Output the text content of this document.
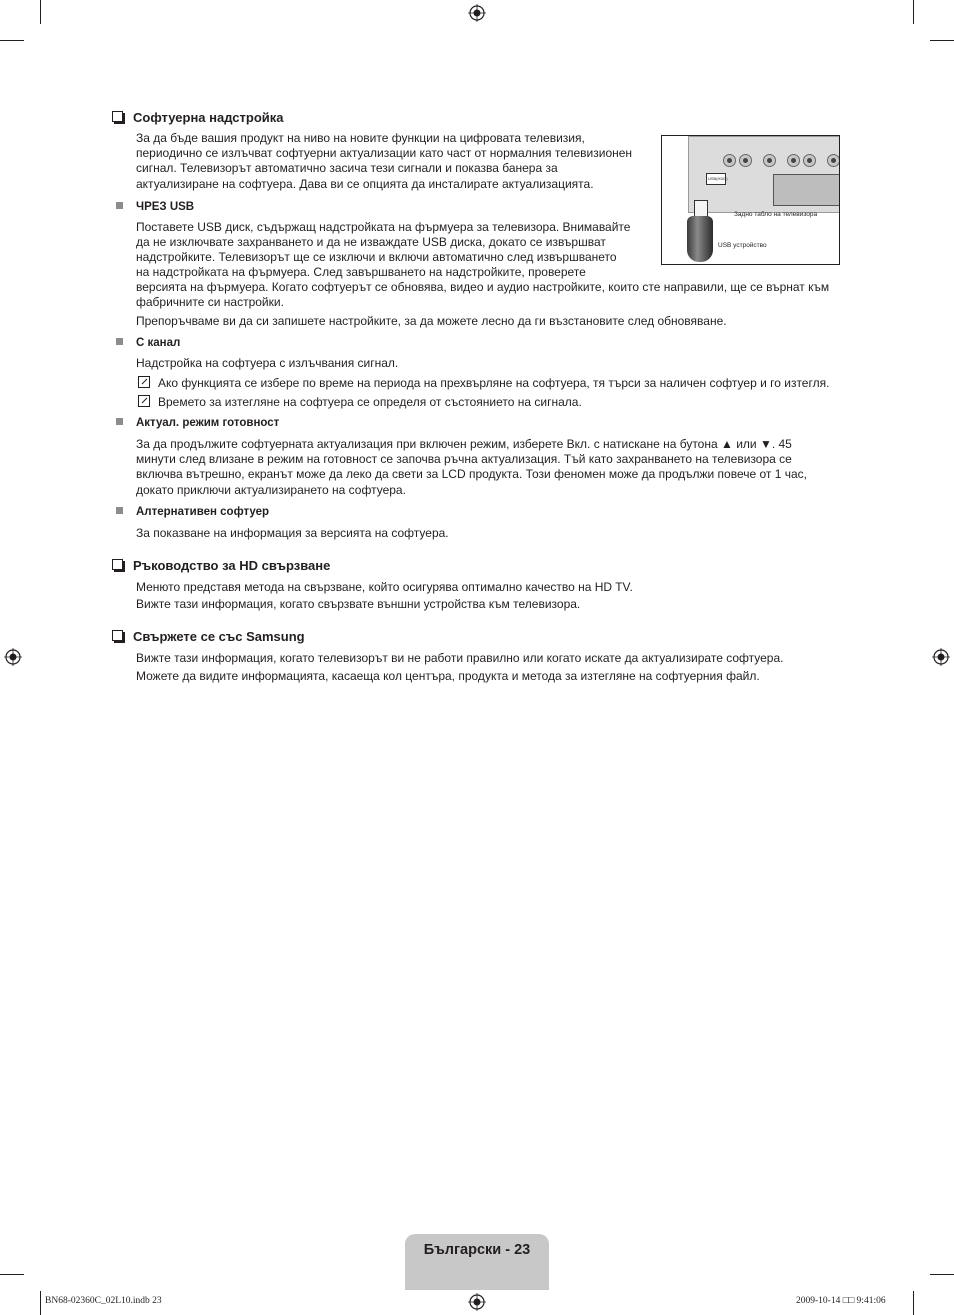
Софтуерна надстройка
За да бъде вашия продукт на ниво на новите функции на цифровата телевизия, периодично се излъчват софтуерни актуализации като част от нормалния телевизионен сигнал. Телевизорът автоматично засича тези сигнали и показва банера за актуализиране на софтуера. Дава ви се опцията да инсталирате актуализацията.	USB(HDD)
Задно табло на телевизора
USB устройство
ЧРЕЗ USB
Поставете USB диск, съдържащ надстройката на фърмуера за телевизора. Внимавайте
да не изключвате захранването и да не изваждате USB диска, докато се извършват
надстройките. Телевизорът ще се изключи и включи автоматично след извършването
на надстройката на фърмуера. След завършването на надстройките, проверете
версията на фърмуера. Когато софтуерът се обновява, видео и аудио настройките, които сте направили, ще се върнат към фабричните си настройки.
Препоръчваме ви да си запишете настройките, за да можете лесно да ги възстановите след обновяване.
С канал
Надстройка на софтуера с излъчвания сигнал.
Ако функцията се избере по време на периода на прехвърляне на софтуера, тя търси за наличен софтуер и го изтегля.
Времето за изтегляне на софтуера се определя от състоянието на сигнала.
Актуал. режим готовност
За да продължите софтуерната актуализация при включен режим, изберете Вкл. с натискане на бутона ▲ или ▼. 45 минути след влизане в режим на готовност се започва ръчна актуализация. Тъй като захранването на телевизора се включва вътрешно, екранът може да леко да свети за LCD продукта. Този феномен може да продължи повече от 1 час, докато приключи актуализирането на софтуера.
Алтернативен софтуер
За показване на информация за версията на софтуера.
Ръководство за HD свързване
Менюто представя метода на свързване, който осигурява оптимално качество на HD TV.
Вижте тази информация, когато свързвате външни устройства към телевизора.
Свържете се със Samsung
Вижте тази информация, когато телевизорът ви не работи правилно или когато искате да актуализирате софтуера.
Можете да видите информацията, касаеща кол центъра, продукта и метода за изтегляне на софтуерния файл.
Български - 23
BN68-02360C_02L10.indb 23	2009-10-14 □□ 9:41:06
